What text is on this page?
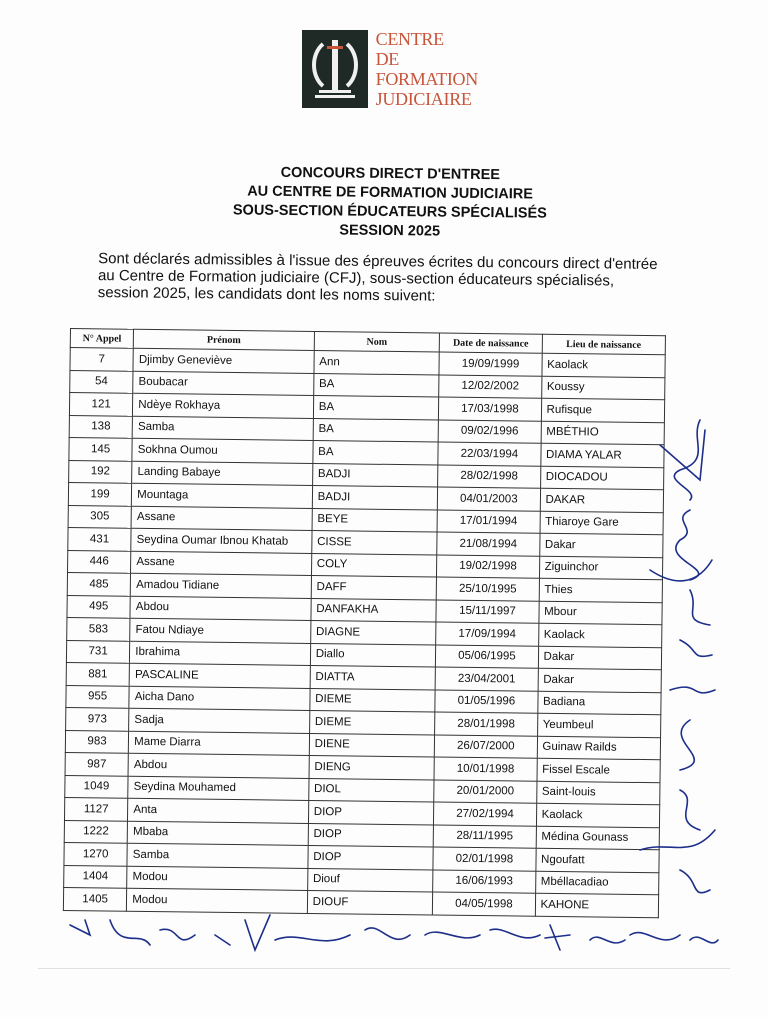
CENTRE
DE FORMATION
JUDICIAIRE
CONCOURS DIRECT D'ENTREE
AU CENTRE DE FORMATION JUDICIAIRE
SOUS-SECTION ÉDUCATEURS SPÉCIALISÉS
SESSION 2025
Sont déclarés admissibles à l'issue des épreuves écrites du concours direct d'entrée au Centre de Formation judiciaire (CFJ), sous-section éducateurs spécialisés, session 2025, les candidats dont les noms suivent:
N° Appel	Prénom	Nom	Date de naissance	Lieu de naissance
7	Djimby Geneviève	Ann	19/09/1999	Kaolack
54	Boubacar	BA	12/02/2002	Koussy
121	Ndèye Rokhaya	BA	17/03/1998	Rufisque
138	Samba	BA	09/02/1996	MBÉTHIO
145	Sokhna Oumou	BA	22/03/1994	DIAMA YALAR
192	Landing Babaye	BADJI	28/02/1998	DIOCADOU
199	Mountaga	BADJI	04/01/2003	DAKAR
305	Assane	BEYE	17/01/1994	Thiaroye Gare
431	Seydina Oumar Ibnou Khatab	CISSE	21/08/1994	Dakar
446	Assane	COLY	19/02/1998	Ziguinchor
485	Amadou Tidiane	DAFF	25/10/1995	Thies
495	Abdou	DANFAKHA	15/11/1997	Mbour
583	Fatou Ndiaye	DIAGNE	17/09/1994	Kaolack
731	Ibrahima	Diallo	05/06/1995	Dakar
881	PASCALINE	DIATTA	23/04/2001	Dakar
955	Aicha Dano	DIEME	01/05/1996	Badiana
973	Sadja	DIEME	28/01/1998	Yeumbeul
983	Mame Diarra	DIENE	26/07/2000	Guinaw Railds
987	Abdou	DIENG	10/01/1998	Fissel Escale
1049	Seydina Mouhamed	DIOL	20/01/2000	Saint-louis
1127	Anta	DIOP	27/02/1994	Kaolack
1222	Mbaba	DIOP	28/11/1995	Médina Gounass
1270	Samba	DIOP	02/01/1998	Ngoufatt
1404	Modou	Diouf	16/06/1993	Mbéllacadiao
1405	Modou	DIOUF	04/05/1998	KAHONE
